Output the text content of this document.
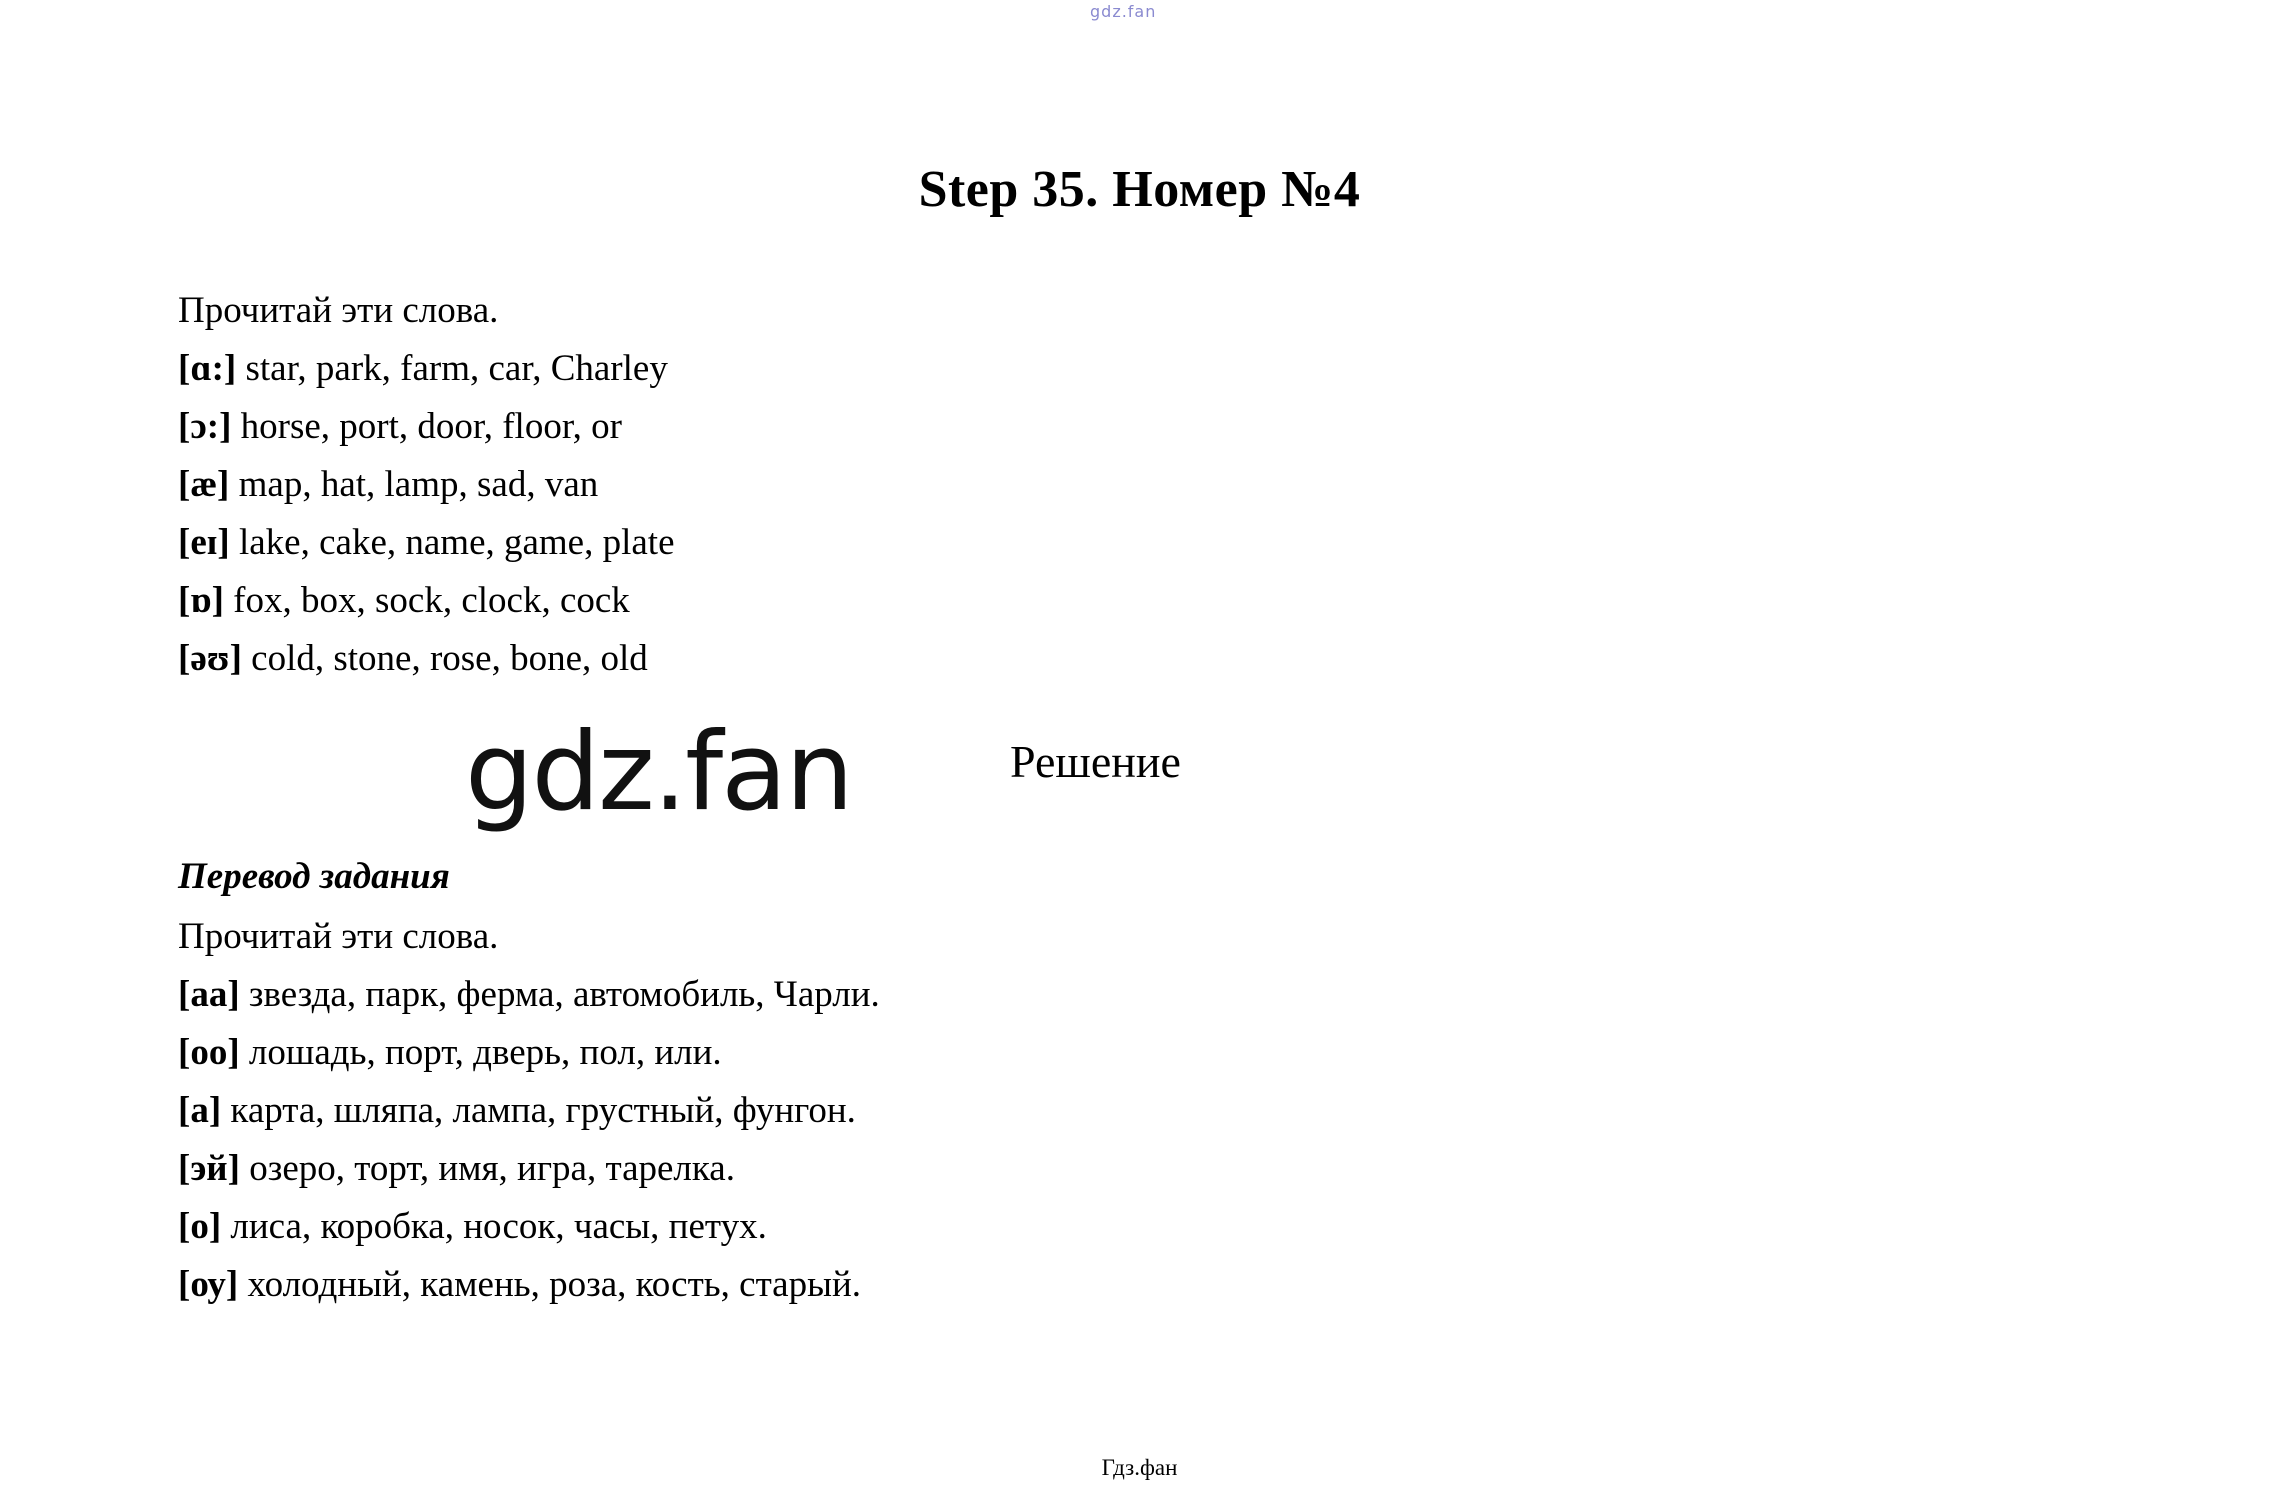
gdz.fan
Step 35. Номер №4
Прочитай эти слова.
[ɑ:] star, park, farm, car, Charley
[ɔ:] horse, port, door, floor, or
[æ] map, hat, lamp, sad, van
[eɪ] lake, cake, name, game, plate
[ɒ] fox, box, sock, clock, cock
[əʊ] cold, stone, rose, bone, old
Решение
gdz.fan
Перевод задания
Прочитай эти слова.
[аа] звезда, парк, ферма, автомобиль, Чарли.
[оо] лошадь, порт, дверь, пол, или.
[а] карта, шляпа, лампа, грустный, фунгон.
[эй] озеро, торт, имя, игра, тарелка.
[о] лиса, коробка, носок, часы, петух.
[оу] холодный, камень, роза, кость, старый.
Гдз.фан
